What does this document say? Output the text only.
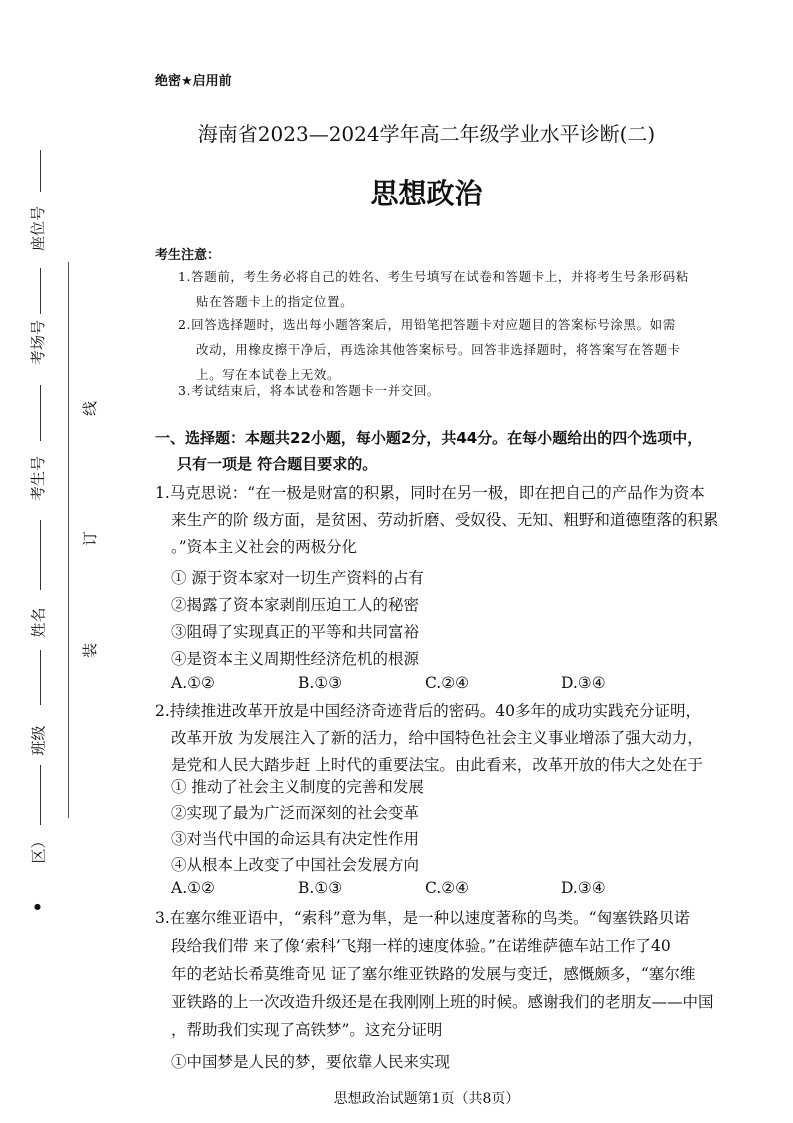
座位号
考场号
考生号
姓名
班级
区）
●
线
订
装
绝密★启用前
海南省2023—2024学年高二年级学业水平诊断(二)
思想政治
考生注意：
1.答题前，考生务必将自己的姓名、考生号填写在试卷和答题卡上，并将考生号条形码粘
贴在答题卡上的指定位置。
2.回答选择题时，选出每小题答案后，用铅笔把答题卡对应题目的答案标号涂黑。如需
改动，用橡皮擦干净后，再选涂其他答案标号。回答非选择题时，将答案写在答题卡
上。写在本试卷上无效。
3.考试结束后，将本试卷和答题卡一并交回。
一、选择题：本题共22小题，每小题2分，共44分。在每小题给出的四个选项中，
只有一项是 符合题目要求的。
1.马克思说：“在一极是财富的积累，同时在另一极，即在把自己的产品作为资本
来生产的阶 级方面，是贫困、劳动折磨、受奴役、无知、粗野和道德堕落的积累
。”资本主义社会的两极分化
① 源于资本家对一切生产资料的占有
②揭露了资本家剥削压迫工人的秘密
③阻碍了实现真正的平等和共同富裕
④是资本主义周期性经济危机的根源
A.①②	B.①③	C.②④	D.③④
2.持续推进改革开放是中国经济奇迹背后的密码。40多年的成功实践充分证明，
改革开放 为发展注入了新的活力，给中国特色社会主义事业增添了强大动力，
是党和人民大踏步赶 上时代的重要法宝。由此看来，改革开放的伟大之处在于
① 推动了社会主义制度的完善和发展
②实现了最为广泛而深刻的社会变革
③对当代中国的命运具有决定性作用
④从根本上改变了中国社会发展方向
A.①②	B.①③	C.②④	D.③④
3.在塞尔维亚语中，“索科”意为隼，是一种以速度著称的鸟类。“匈塞铁路贝诺
段给我们带 来了像‘索科’飞翔一样的速度体验。”在诺维萨德车站工作了40
年的老站长希莫维奇见 证了塞尔维亚铁路的发展与变迁，感慨颇多，“塞尔维
亚铁路的上一次改造升级还是在我刚刚上班的时候。感谢我们的老朋友——中国
，帮助我们实现了高铁梦”。这充分证明
①中国梦是人民的梦，要依靠人民来实现
思想政治试题第1页（共8页）
